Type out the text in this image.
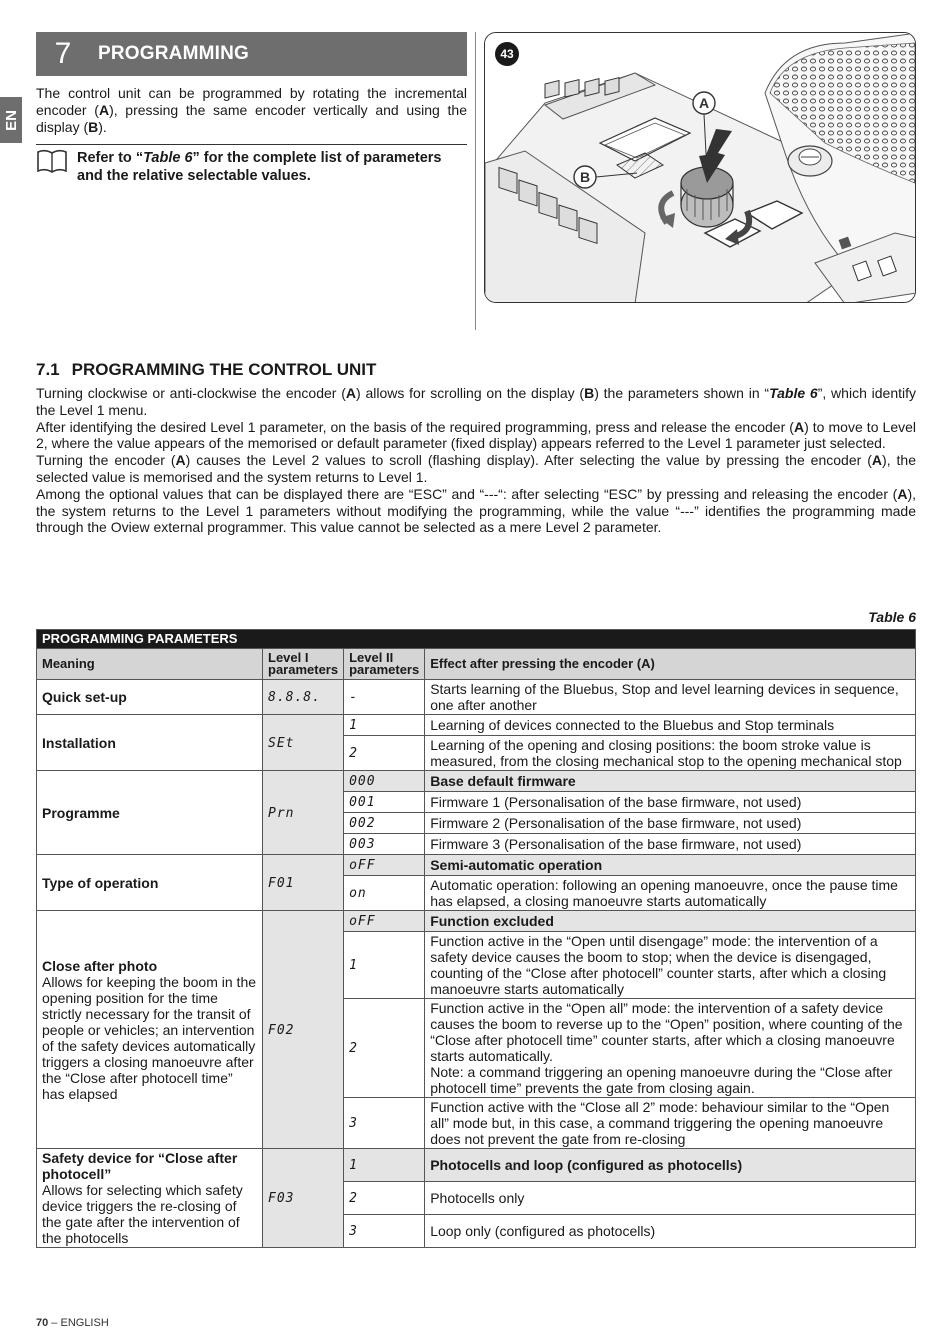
EN
7	PROGRAMMING
The control unit can be programmed by rotating the incremental encoder (A), pressing the same encoder vertically and using the display (B).
Refer to “Table 6” for the complete list of parameters and the relative selectable values.
A
B
43
7.1 PROGRAMMING THE CONTROL UNIT

Turning clockwise or anti-clockwise the encoder (A) allows for scrolling on the display (B) the parameters shown in “Table 6”, which identify the Level 1 menu.

After identifying the desired Level 1 parameter, on the basis of the required programming, press and release the encoder (A) to move to Level 2, where the value appears of the memorised or default parameter (fixed display) appears referred to the Level 1 parameter just selected.

Turning the encoder (A) causes the Level 2 values to scroll (flashing display). After selecting the value by pressing the encoder (A), the selected value is memorised and the system returns to Level 1.

Among the optional values that can be displayed there are “ESC” and “---“: after selecting “ESC” by pressing and releasing the encoder (A), the system returns to the Level 1 parameters without modifying the programming, while the value “---” identifies the programming made through the Oview external programmer. This value cannot be selected as a mere Level 2 parameter.

Table 6
PROGRAMMING PARAMETERS			
Meaning	Level I parameters	Level II parameters	Effect after pressing the encoder (A)

Quick set-up	8.8.8.	-	Starts learning of the Bluebus, Stop and level learning devices in sequence, one after another

Installation	SEt	1	Learning of devices connected to the Bluebus and Stop terminals
		2	Learning of the opening and closing positions: the boom stroke value is measured, from the closing mechanical stop to the opening mechanical stop

Programme	Prn	000	Base default firmware
		001	Firmware 1 (Personalisation of the base firmware, not used)
		002	Firmware 2 (Personalisation of the base firmware, not used)
		003	Firmware 3 (Personalisation of the base firmware, not used)

Type of operation	F01	oFF	Semi-automatic operation
		on	Automatic operation: following an opening manoeuvre, once the pause time has elapsed, a closing manoeuvre starts automatically

Close after photo
Allows for keeping the boom in the opening position for the time strictly necessary for the transit of people or vehicles; an intervention of the safety devices automatically triggers a closing manoeuvre after the “Close after photocell time” has elapsed	F02	oFF	Function excluded
		1	Function active in the “Open until disengage” mode: the intervention of a safety device causes the boom to stop; when the device is disengaged, counting of the “Close after photocell” counter starts, after which a closing manoeuvre starts automatically
		2	Function active in the “Open all” mode: the intervention of a safety device causes the boom to reverse up to the “Open” position, where counting of the “Close after photocell time” counter starts, after which a closing manoeuvre starts automatically.
Note: a command triggering an opening manoeuvre during the “Close after photocell time” prevents the gate from closing again.
		3	Function active with the “Close all 2” mode: behaviour similar to the “Open all” mode but, in this case, a command triggering the opening manoeuvre does not prevent the gate from re-closing

Safety device for “Close after photocell”
Allows for selecting which safety device triggers the re-closing of the gate after the intervention of the photocells	F03	1	Photocells and loop (configured as photocells)
		2	Photocells only
		3	Loop only (configured as photocells)
70 – ENGLISH
